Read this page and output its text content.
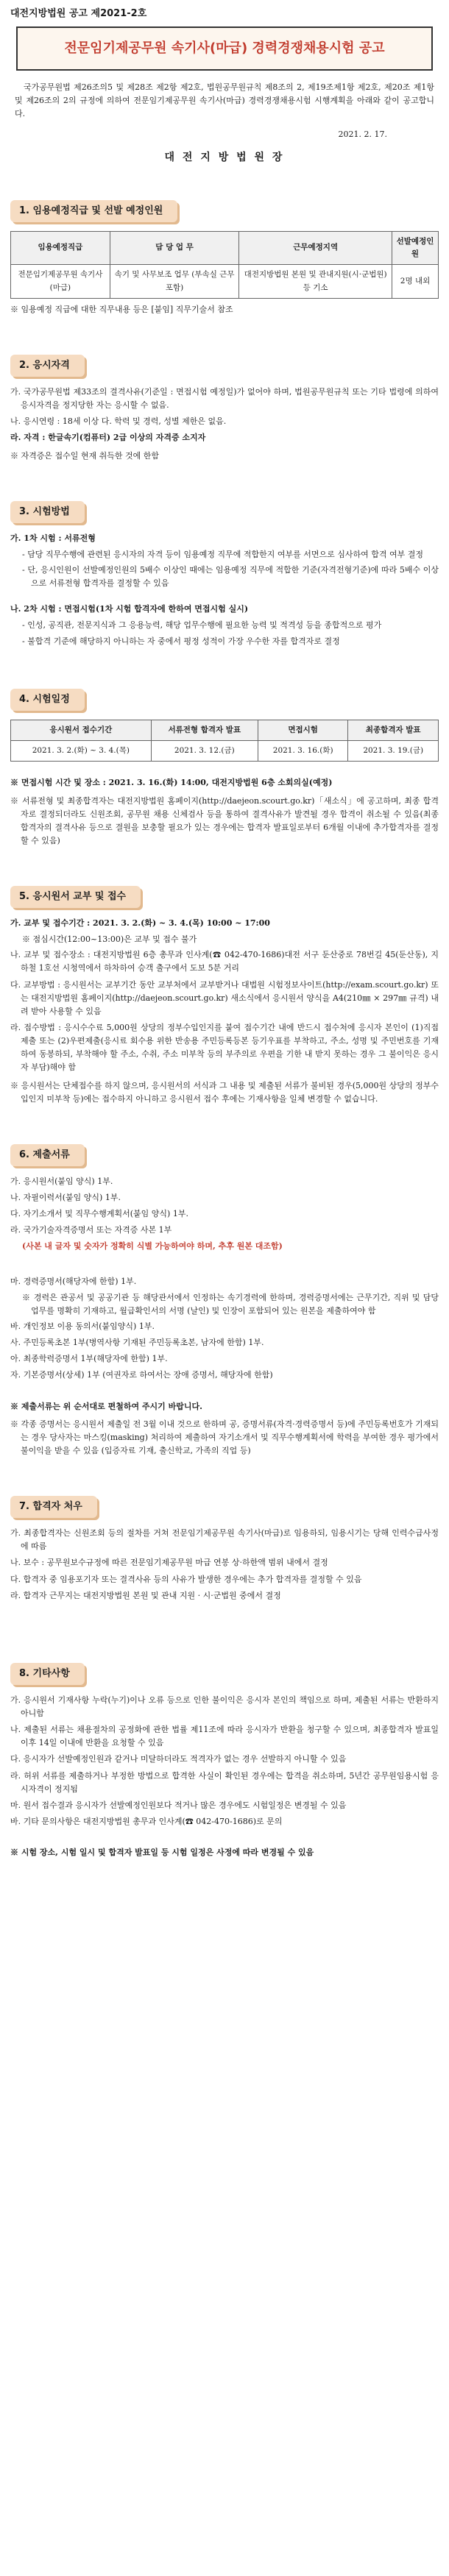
대전지방법원 공고 제2021-2호
전문임기제공무원 속기사(마급) 경력경쟁채용시험 공고

국가공무원법 제26조의5 및 제28조 제2항 제2호, 법원공무원규칙 제8조의 2, 제19조제1항 제2호, 제20조 제1항 및 제26조의 2의 규정에 의하여 전문임기제공무원 속기사(마급) 경력경쟁채용시험 시행계획을 아래와 같이 공고합니다.

2021. 2. 17.

대 전 지 방 법 원 장

1.
임용예정직급 및 선발 예정인원
임용예정직급	담 당 업 무	근무예정지역	선발예정인원
전문임기제공무원 속기사(마급)	속기 및 사무보조 업무 (부속실 근무 포함)	대전지방법원 본원 및 관내지원(시·군법원)등 기소	2명 내외

※ 임용예정 직급에 대한 직무내용 등은 [붙임] 직무기술서 참조

2.
응시자격

가. 국가공무원법 제33조의 결격사유(기준일 : 면접시험 예정일)가 없어야 하며, 법원공무원규칙 또는 기타 법령에 의하여 응시자격을 정지당한 자는 응시할 수 없음.

나. 응시연령 : 18세 이상 다. 학력 및 경력, 성별 제한은 없음.

라. 자격 : 한글속기(컴퓨터) 2급 이상의 자격증 소지자

※ 자격증은 접수일 현재 취득한 것에 한함

3.
시험방법

가. 1차 시험 : 서류전형

- 담당 직무수행에 관련된 응시자의 자격 등이 임용예정 직무에 적합한지 여부를 서면으로 심사하여 합격 여부 결정

- 단, 응시인원이 선발예정인원의 5배수 이상인 때에는 임용예정 직무에 적합한 기준(자격전형기준)에 따라 5배수 이상으로 서류전형 합격자를 결정할 수 있음

나. 2차 시험 : 면접시험(1차 시험 합격자에 한하여 면접시험 실시)

- 인성, 공직관, 전문지식과 그 응용능력, 해당 업무수행에 필요한 능력 및 적격성 등을 종합적으로 평가

- 불합격 기준에 해당하지 아니하는 자 중에서 평정 성적이 가장 우수한 자를 합격자로 결정

4.
시험일정
응시원서 접수기간	서류전형 합격자 발표	면접시험	최종합격자 발표
2021. 3. 2.(화) ~ 3. 4.(목)	2021. 3. 12.(금)	2021. 3. 16.(화)	2021. 3. 19.(금)

※ 면접시험 시간 및 장소 : 2021. 3. 16.(화) 14:00, 대전지방법원 6층 소회의실(예정)

※ 서류전형 및 최종합격자는 대전지방법원 홈페이지(http://daejeon.scourt.go.kr)「새소식」에 공고하며, 최종 합격자로 결정되더라도 신원조회, 공무원 채용 신체검사 등을 통하여 결격사유가 발견될 경우 합격이 취소될 수 있음(최종 합격자의 결격사유 등으로 결원을 보충할 필요가 있는 경우에는 합격자 발표일로부터 6개월 이내에 추가합격자를 결정할 수 있음)

5.
응시원서 교부 및 접수

가. 교부 및 접수기간 : 2021. 3. 2.(화) ~ 3. 4.(목) 10:00 ~ 17:00

※ 점심시간(12:00~13:00)은 교부 및 접수 불가

나. 교부 및 접수장소 : 대전지방법원 6층 총무과 인사계(☎ 042-470-1686)대전 서구 둔산중로 78번길 45(둔산동), 지하철 1호선 시청역에서 하차하여 승객 출구에서 도보 5분 거리

다. 교부방법 : 응시원서는 교부기간 동안 교부처에서 교부받거나 대법원 시험정보사이트(http://exam.scourt.go.kr) 또는 대전지방법원 홈페이지(http://daejeon.scourt.go.kr) 새소식에서 응시원서 양식을 A4(210㎜ × 297㎜ 규격) 내려 받아 사용할 수 있음

라. 접수방법 : 응시수수료 5,000원 상당의 정부수입인지를 붙여 접수기간 내에 반드시 접수처에 응시자 본인이 (1)직접 제출 또는 (2)우편제출(응시료 회수용 위한 반송용 주민등록등본 등기우표를 부착하고, 주소, 성명 및 주민번호를 기재하여 동봉하되, 부착해야 할 주소, 수취, 주소 미부착 등의 부주의로 우편을 기한 내 받지 못하는 경우 그 불이익은 응시자 부담)해야 함

※ 응시원서는 단체접수를 하지 않으며, 응시원서의 서식과 그 내용 및 제출된 서류가 불비된 경우(5,000원 상당의 정부수입인지 미부착 등)에는 접수하지 아니하고 응시원서 접수 후에는 기재사항을 일체 변경할 수 없습니다.

6.
제출서류

가. 응시원서(붙임 양식) 1부.

나. 자필이력서(붙임 양식) 1부.

다. 자기소개서 및 직무수행계획서(붙임 양식) 1부.

라. 국가기술자격증명서 또는 자격증 사본 1부

(사본 내 글자 및 숫자가 정확히 식별 가능하여야 하며, 추후 원본 대조함)

마. 경력증명서(해당자에 한함) 1부.

※ 경력은 관공서 및 공공기관 등 해당관서에서 인정하는 속기경력에 한하며, 경력증명서에는 근무기간, 직위 및 담당업무를 명확히 기재하고, 월급확인서의 서명 (날인) 및 인장이 포함되어 있는 원본을 제출하여야 함

바. 개인정보 이용 동의서(붙임양식) 1부.

사. 주민등록초본 1부(병역사항 기재된 주민등록초본, 남자에 한함) 1부.

아. 최종학력증명서 1부(해당자에 한함) 1부.

자. 기본증명서(상세) 1부 (여권자로 하여서는 장애 증명서, 해당자에 한함)

※ 제출서류는 위 순서대로 편철하여 주시기 바랍니다.

※ 각종 증명서는 응시원서 제출일 전 3월 이내 것으로 한하며 공, 증명서류(자격·경력증명서 등)에 주민등록번호가 기재되는 경우 당사자는 마스킹(masking) 처리하여 제출하여 자기소개서 및 직무수행계획서에 학력을 부여한 경우 평가에서 불이익을 받을 수 있음 (입증자료 기재, 출신학교, 가족의 직업 등)

7.
합격자 처우

가. 최종합격자는 신원조회 등의 절차를 거쳐 전문임기제공무원 속기사(마급)로 임용하되, 임용시기는 당해 인력수급사정에 따름

나. 보수 : 공무원보수규정에 따른 전문임기제공무원 마급 연봉 상·하한액 범위 내에서 결정

다. 합격자 중 임용포기자 또는 결격사유 등의 사유가 발생한 경우에는 추가 합격자를 결정할 수 있음

라. 합격자 근무지는 대전지방법원 본원 및 관내 지원 · 시·군법원 중에서 결정

8.
기타사항

가. 응시원서 기재사항 누락(누기)이나 오류 등으로 인한 불이익은 응시자 본인의 책임으로 하며, 제출된 서류는 반환하지 아니함

나. 제출된 서류는 채용절차의 공정화에 관한 법률 제11조에 따라 응시자가 반환을 청구할 수 있으며, 최종합격자 발표일 이후 14일 이내에 반환을 요청할 수 있음

다. 응시자가 선발예정인원과 같거나 미달하더라도 적격자가 없는 경우 선발하지 아니할 수 있음

라. 허위 서류를 제출하거나 부정한 방법으로 합격한 사실이 확인된 경우에는 합격을 취소하며, 5년간 공무원임용시험 응시자격이 정지됨

마. 원서 접수결과 응시자가 선발예정인원보다 적거나 많은 경우에도 시험일정은 변경될 수 있음

바. 기타 문의사항은 대전지방법원 총무과 인사계(☎ 042-470-1686)로 문의

※ 시험 장소, 시험 일시 및 합격자 발표일 등 시험 일정은 사정에 따라 변경될 수 있음
